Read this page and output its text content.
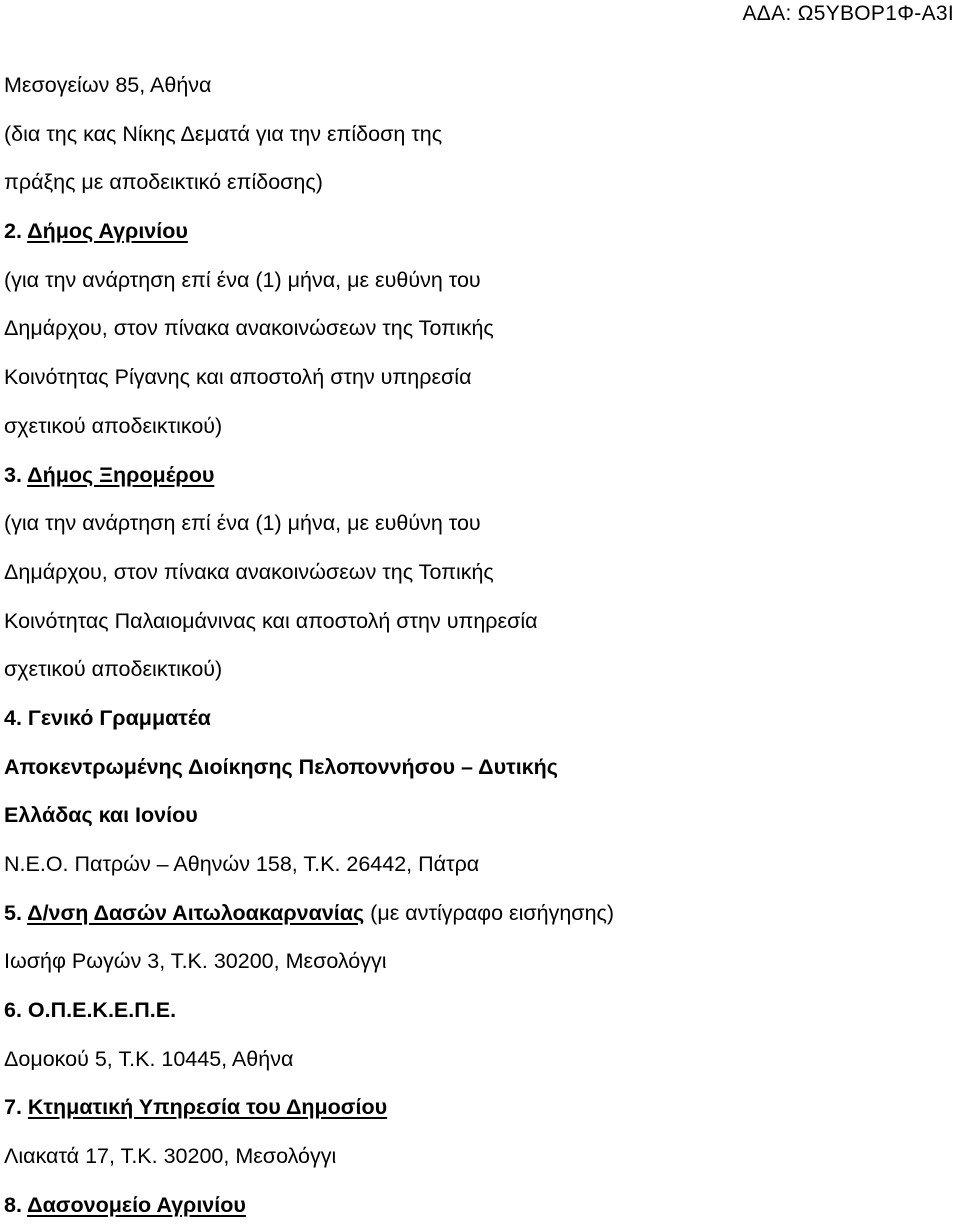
ΑΔΑ: Ω5ΥΒΟΡ1Φ-Α3Ι
Μεσογείων 85, Αθήνα
(δια της κας Νίκης Δεματά για την επίδοση της
πράξης με αποδεικτικό επίδοσης)
2. Δήμος Αγρινίου
(για την ανάρτηση επί ένα (1) μήνα, με ευθύνη του
Δημάρχου, στον πίνακα ανακοινώσεων της Τοπικής
Κοινότητας Ρίγανης και αποστολή στην υπηρεσία
σχετικού αποδεικτικού)
3. Δήμος Ξηρομέρου
(για την ανάρτηση επί ένα (1) μήνα, με ευθύνη του
Δημάρχου, στον πίνακα ανακοινώσεων της Τοπικής
Κοινότητας Παλαιομάνινας και αποστολή στην υπηρεσία
σχετικού αποδεικτικού)
4. Γενικό Γραμματέα
Αποκεντρωμένης Διοίκησης Πελοποννήσου – Δυτικής
Ελλάδας και Ιονίου
Ν.Ε.Ο. Πατρών – Αθηνών 158, Τ.Κ. 26442, Πάτρα
5. Δ/νση Δασών Αιτωλοακαρνανίας (με αντίγραφο εισήγησης)
Ιωσήφ Ρωγών 3, Τ.Κ. 30200, Μεσολόγγι
6. Ο.Π.Ε.Κ.Ε.Π.Ε.
Δομοκού 5, Τ.Κ. 10445, Αθήνα
7. Κτηματική Υπηρεσία του Δημοσίου
Λιακατά 17, Τ.Κ. 30200, Μεσολόγγι
8. Δασονομείο Αγρινίου
